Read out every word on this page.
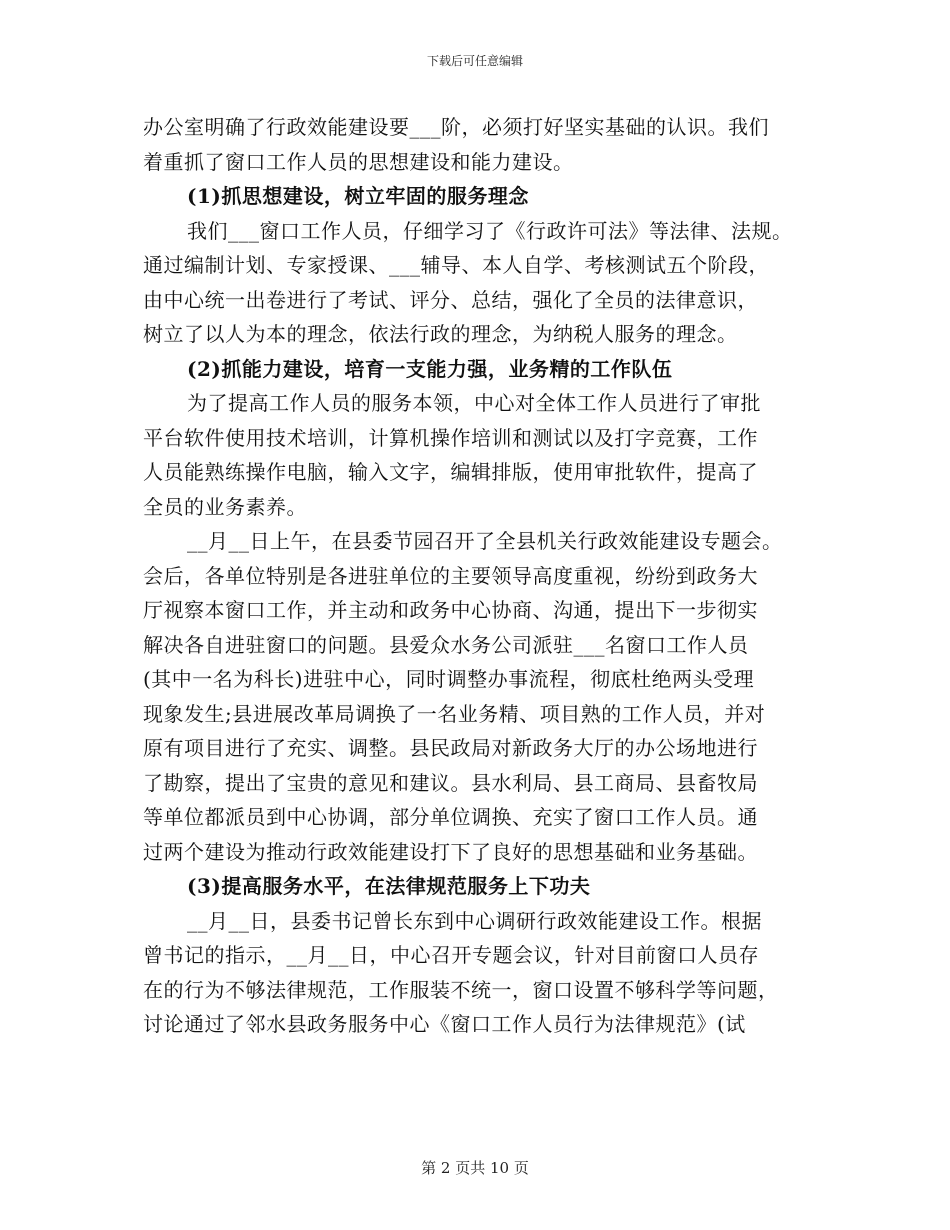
下载后可任意编辑
办公室明确了行政效能建设要___阶，必须打好坚实基础的认识。我们
着重抓了窗口工作人员的思想建设和能力建设。
(1)抓思想建设，树立牢固的服务理念
我们___窗口工作人员，仔细学习了《行政许可法》等法律、法规。
通过编制计划、专家授课、___辅导、本人自学、考核测试五个阶段，
由中心统一出卷进行了考试、评分、总结，强化了全员的法律意识，
树立了以人为本的理念，依法行政的理念，为纳税人服务的理念。
(2)抓能力建设，培育一支能力强，业务精的工作队伍
为了提高工作人员的服务本领，中心对全体工作人员进行了审批
平台软件使用技术培训，计算机操作培训和测试以及打字竞赛，工作
人员能熟练操作电脑，输入文字，编辑排版，使用审批软件，提高了
全员的业务素养。
__月__日上午，在县委节园召开了全县机关行政效能建设专题会。
会后，各单位特别是各进驻单位的主要领导高度重视，纷纷到政务大
厅视察本窗口工作，并主动和政务中心协商、沟通，提出下一步彻实
解决各自进驻窗口的问题。县爱众水务公司派驻___名窗口工作人员
(其中一名为科长)进驻中心，同时调整办事流程，彻底杜绝两头受理
现象发生;县进展改革局调换了一名业务精、项目熟的工作人员，并对
原有项目进行了充实、调整。县民政局对新政务大厅的办公场地进行
了勘察，提出了宝贵的意见和建议。县水利局、县工商局、县畜牧局
等单位都派员到中心协调，部分单位调换、充实了窗口工作人员。通
过两个建设为推动行政效能建设打下了良好的思想基础和业务基础。
(3)提高服务水平，在法律规范服务上下功夫
__月__日，县委书记曾长东到中心调研行政效能建设工作。根据
曾书记的指示，__月__日，中心召开专题会议，针对目前窗口人员存
在的行为不够法律规范，工作服装不统一，窗口设置不够科学等问题，
讨论通过了邻水县政务服务中心《窗口工作人员行为法律规范》(试
第 2 页共 10 页
